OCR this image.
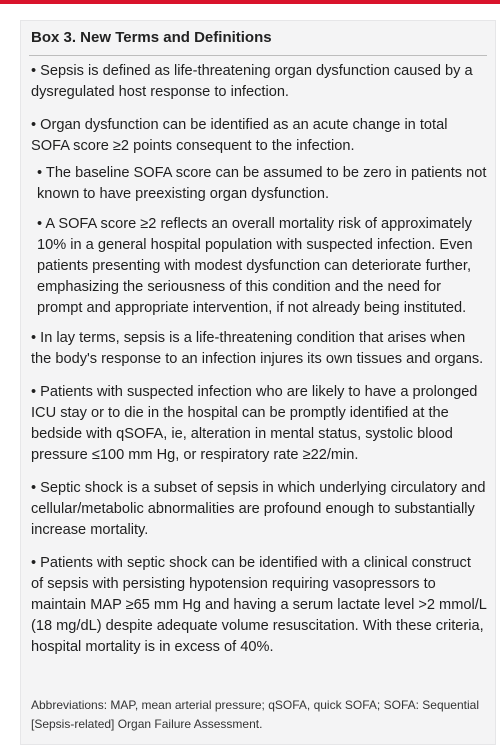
Box 3. New Terms and Definitions

• Sepsis is defined as life-threatening organ dysfunction caused by a dysregulated host response to infection.

• Organ dysfunction can be identified as an acute change in total SOFA score ≥2 points consequent to the infection.

• The baseline SOFA score can be assumed to be zero in patients not known to have preexisting organ dysfunction.

• A SOFA score ≥2 reflects an overall mortality risk of approximately 10% in a general hospital population with suspected infection. Even patients presenting with modest dysfunction can deteriorate further, emphasizing the seriousness of this condition and the need for prompt and appropriate intervention, if not already being instituted.

• In lay terms, sepsis is a life-threatening condition that arises when the body's response to an infection injures its own tissues and organs.

• Patients with suspected infection who are likely to have a prolonged ICU stay or to die in the hospital can be promptly identified at the bedside with qSOFA, ie, alteration in mental status, systolic blood pressure ≤100 mm Hg, or respiratory rate ≥22/min.

• Septic shock is a subset of sepsis in which underlying circulatory and cellular/metabolic abnormalities are profound enough to substantially increase mortality.

• Patients with septic shock can be identified with a clinical construct of sepsis with persisting hypotension requiring vasopressors to maintain MAP ≥65 mm Hg and having a serum lactate level >2 mmol/L (18 mg/dL) despite adequate volume resuscitation. With these criteria, hospital mortality is in excess of 40%.

Abbreviations: MAP, mean arterial pressure; qSOFA, quick SOFA; SOFA: Sequential [Sepsis-related] Organ Failure Assessment.
